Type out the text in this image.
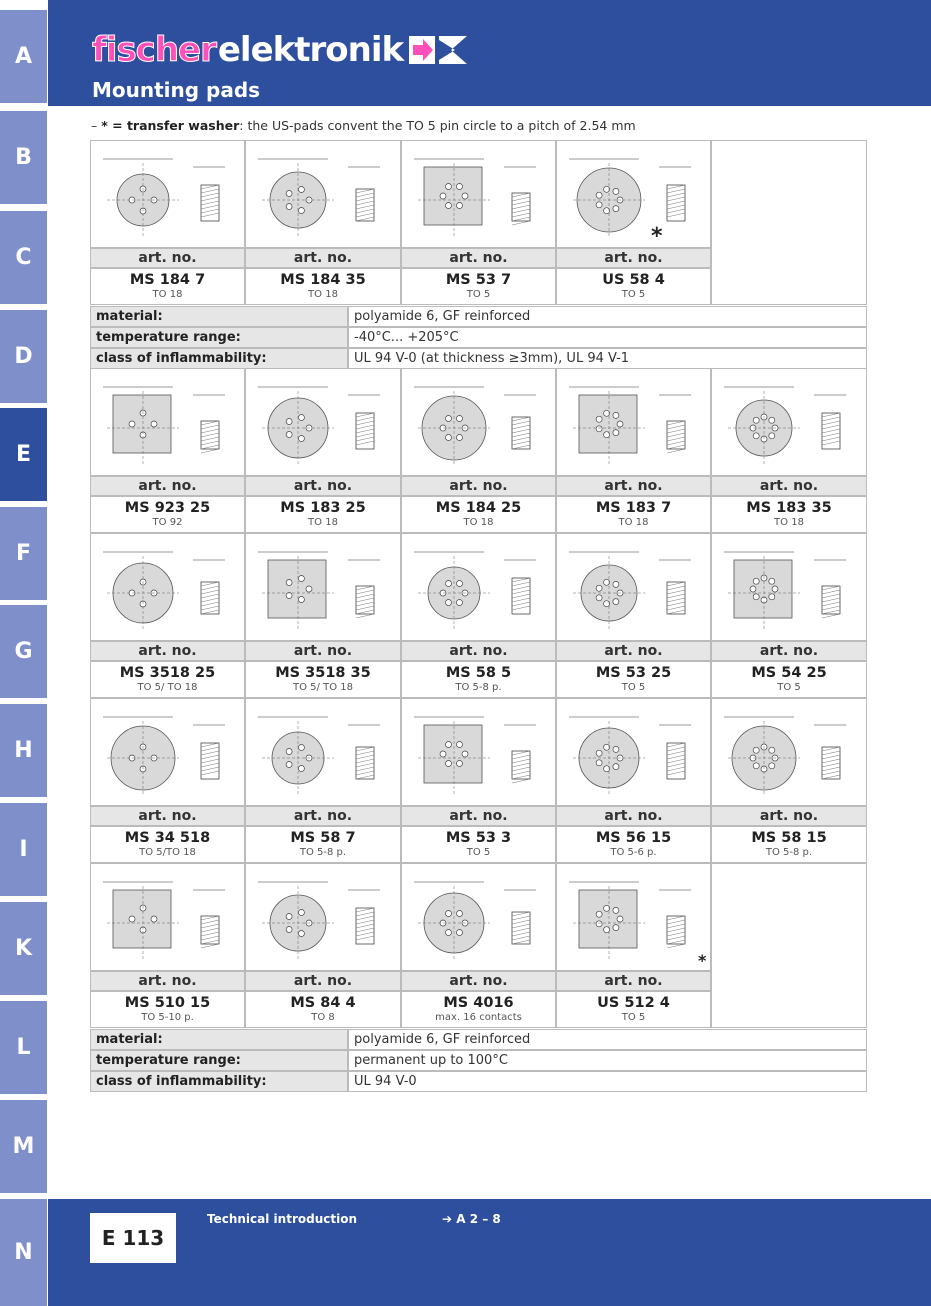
fischer elektronik
Mounting pads
A
B
C
D
E
F
G
H
I
K
L
M
N
– * = transfer washer: the US-pads convent the TO 5 pin circle to a pitch of 2.54 mm
art. no.
MS 184 7
TO 18
art. no.
MS 184 35
TO 18
art. no.
MS 53 7
TO 5
art. no.
US 58 4
TO 5
art. no.
MS 923 25
TO 92
art. no.
MS 183 25
TO 18
art. no.
MS 184 25
TO 18
art. no.
MS 183 7
TO 18
art. no.
MS 183 35
TO 18
art. no.
MS 3518 25
TO 5/ TO 18
art. no.
MS 3518 35
TO 5/ TO 18
art. no.
MS 58 5
TO 5-8 p.
art. no.
MS 53 25
TO 5
art. no.
MS 54 25
TO 5
art. no.
MS 34 518
TO 5/TO 18
art. no.
MS 58 7
TO 5-8 p.
art. no.
MS 53 3
TO 5
art. no.
MS 56 15
TO 5-6 p.
art. no.
MS 58 15
TO 5-8 p.
art. no.
MS 510 15
TO 5-10 p.
art. no.
MS 84 4
TO 8
art. no.
MS 4016
max. 16 contacts
art. no.
US 512 4
TO 5
*
*
material:	polyamide 6, GF reinforced
temperature range:	-40°C... +205°C
class of inflammability:	UL 94 V-0 (at thickness ≥3mm), UL 94 V-1
material:	polyamide 6, GF reinforced
temperature range:	permanent up to 100°C
class of inflammability:	UL 94 V-0
E 113
Technical introduction	➔ A 2 – 8
